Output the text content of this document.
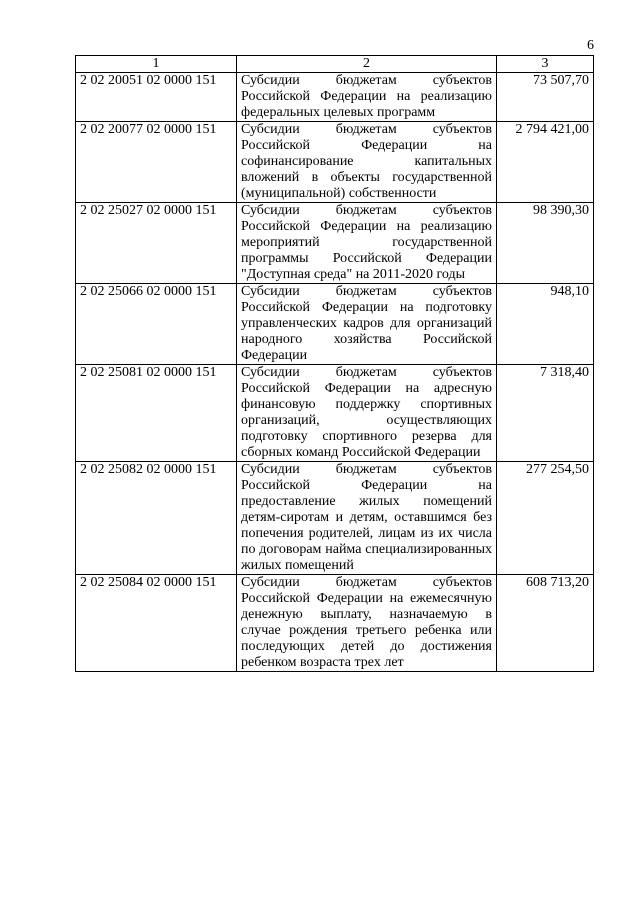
6
1	2	3
2 02 20051 02 0000 151	Субсидии бюджетам субъектов Российской Федерации на реализацию федеральных целевых программ	73 507,70
2 02 20077 02 0000 151	Субсидии бюджетам субъектов Российской Федерации на софинансирование капитальных вложений в объекты государственной (муниципальной) собственности	2 794 421,00
2 02 25027 02 0000 151	Субсидии бюджетам субъектов Российской Федерации на реализацию мероприятий государственной программы Российской Федерации "Доступная среда" на 2011-2020 годы	98 390,30
2 02 25066 02 0000 151	Субсидии бюджетам субъектов Российской Федерации на подготовку управленческих кадров для организаций народного хозяйства Российской Федерации	948,10
2 02 25081 02 0000 151	Субсидии бюджетам субъектов Российской Федерации на адресную финансовую поддержку спортивных организаций, осуществляющих подготовку спортивного резерва для сборных команд Российской Федерации	7 318,40
2 02 25082 02 0000 151	Субсидии бюджетам субъектов Российской Федерации на предоставление жилых помещений детям-сиротам и детям, оставшимся без попечения родителей, лицам из их числа по договорам найма специализированных жилых помещений	277 254,50
2 02 25084 02 0000 151	Субсидии бюджетам субъектов Российской Федерации на ежемесячную денежную выплату, назначаемую в случае рождения третьего ребенка или последующих детей до достижения ребенком возраста трех лет	608 713,20
